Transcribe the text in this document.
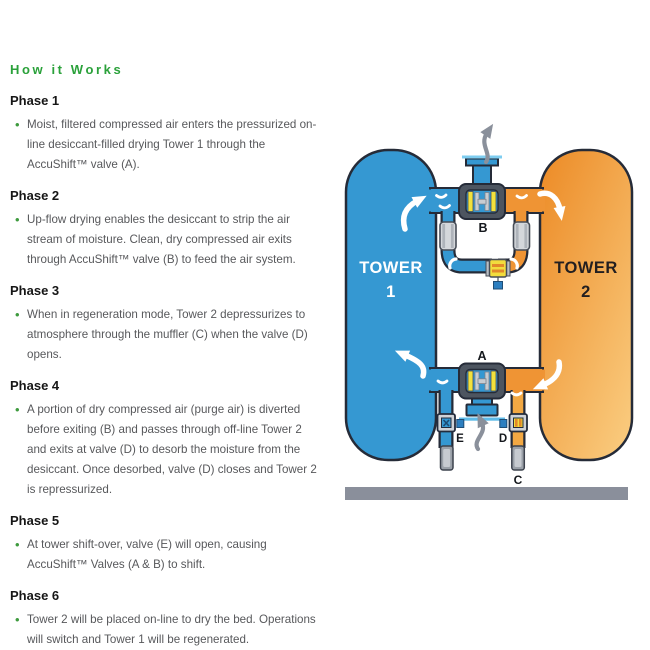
How it Works
Phase 1
• Moist, filtered compressed air enters the pressurized on-line desiccant-filled drying Tower 1 through the AccuShift™ valve (A).

Phase 2
• Up-flow drying enables the desiccant to strip the air stream of moisture. Clean, dry compressed air exits through AccuShift™ valve (B) to feed the air system.

Phase 3
• When in regeneration mode, Tower 2 depressurizes to atmosphere through the muffler (C) when the valve (D) opens.

Phase 4
• A portion of dry compressed air (purge air) is diverted before exiting (B) and passes through off-line Tower 2 and exits at valve (D) to desorb the moisture from the desiccant. Once desorbed, valve (D) closes and Tower 2 is repressurized.

Phase 5
• At tower shift-over, valve (E) will open, causing AccuShift™ Valves (A & B) to shift.

Phase 6
• Tower 2 will be placed on-line to dry the bed. Operations will switch and Tower 1 will be regenerated.

B
A
E	D
C
TOWER
1
TOWER
2
